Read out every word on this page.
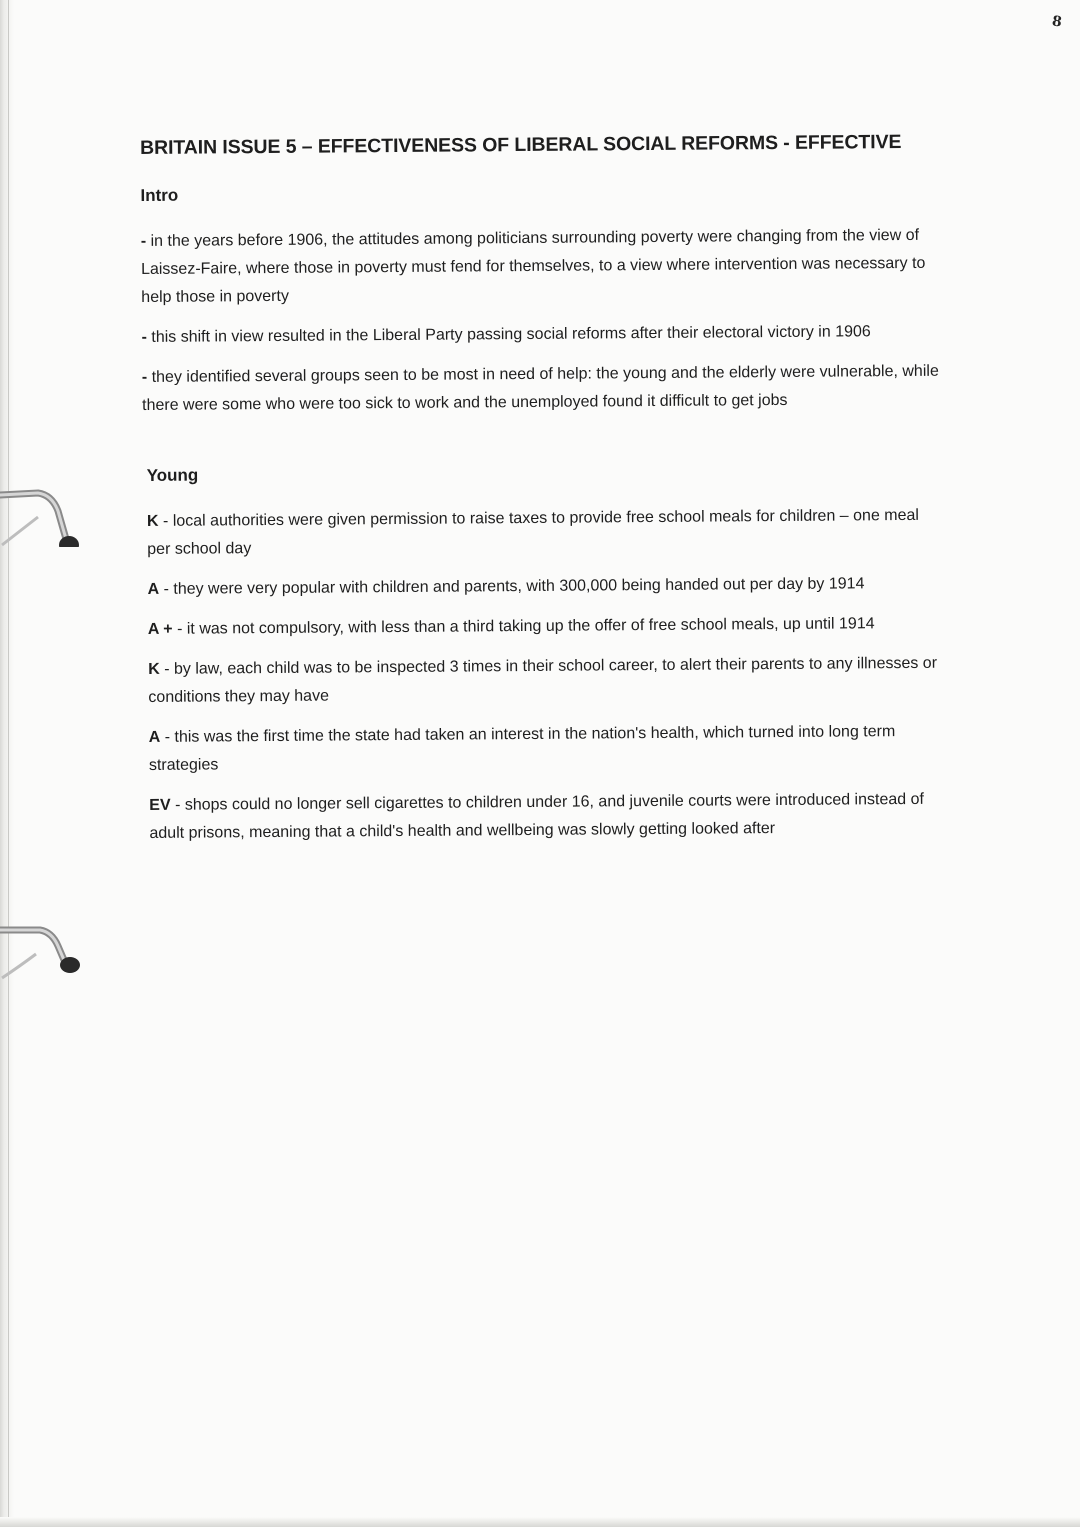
8
BRITAIN ISSUE 5 – EFFECTIVENESS OF LIBERAL SOCIAL REFORMS - EFFECTIVE
Intro

- in the years before 1906, the attitudes among politicians surrounding poverty were changing from the view of Laissez-Faire, where those in poverty must fend for themselves, to a view where intervention was necessary to help those in poverty

- this shift in view resulted in the Liberal Party passing social reforms after their electoral victory in 1906

- they identified several groups seen to be most in need of help: the young and the elderly were vulnerable, while there were some who were too sick to work and the unemployed found it difficult to get jobs

Young

K - local authorities were given permission to raise taxes to provide free school meals for children – one meal per school day

A - they were very popular with children and parents, with 300,000 being handed out per day by 1914

A + - it was not compulsory, with less than a third taking up the offer of free school meals, up until 1914

K - by law, each child was to be inspected 3 times in their school career, to alert their parents to any illnesses or conditions they may have

A - this was the first time the state had taken an interest in the nation's health, which turned into long term strategies

EV - shops could no longer sell cigarettes to children under 16, and juvenile courts were introduced instead of adult prisons, meaning that a child's health and wellbeing was slowly getting looked after
